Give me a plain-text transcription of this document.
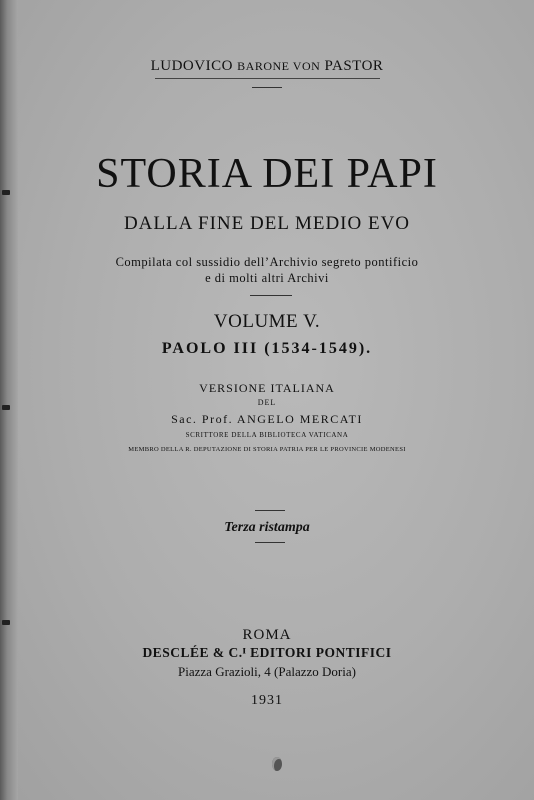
LUDOVICO BARONE VON PASTOR
STORIA DEI PAPI
DALLA FINE DEL MEDIO EVO
Compilata col sussidio dell’Archivio segreto pontificio
e di molti altri Archivi
VOLUME V.
PAOLO III (1534-1549).
VERSIONE ITALIANA
DEL
Sac. Prof. ANGELO MERCATI
SCRITTORE DELLA BIBLIOTECA VATICANA
MEMBRO DELLA R. DEPUTAZIONE DI STORIA PATRIA PER LE PROVINCIE MODENESI
Terza ristampa
ROMA
DESCLÉE & C.ᴵ EDITORI PONTIFICI
Piazza Grazioli, 4 (Palazzo Doria)
1931
